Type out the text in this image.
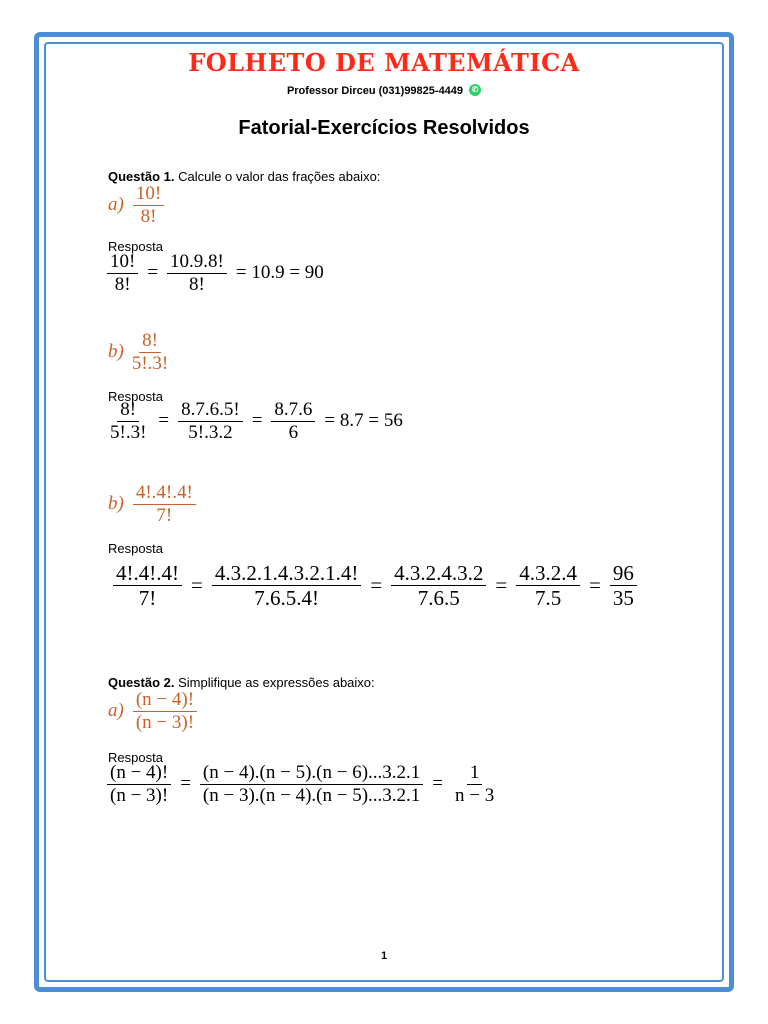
FOLHETO DE MATEMÁTICA
Professor Dirceu (031)99825-4449 ✆
Fatorial-Exercícios Resolvidos
Questão 1. Calcule o valor das frações abaixo:
$a) \frac{10!}{8!}$
Resposta
$\frac{10!}{8!} = \frac{10.9.8!}{8!} = 10.9 = 90$
$b) \frac{8!}{5!.3!}$
Resposta
$\frac{8!}{5!.3!} = \frac{8.7.6.5!}{5!.3.2} = \frac{8.7.6}{6} = 8.7 = 56$
$b) \frac{4!.4!.4!}{7!}$
Resposta
$\frac{4!.4!.4!}{7!} = \frac{4.3.2.1.4.3.2.1.4!}{7.6.5.4!} = \frac{4.3.2.4.3.2}{7.6.5} = \frac{4.3.2.4}{7.5} = \frac{96}{35}$
Questão 2. Simplifique as expressões abaixo:
$a) \frac{(n - 4)!}{(n - 3)!}$
Resposta
$\frac{(n - 4)!}{(n - 3)!} = \frac{(n - 4).(n - 5).(n - 6)...3.2.1}{(n - 3).(n - 4).(n - 5)...3.2.1} = \frac{1}{n - 3}$
1
